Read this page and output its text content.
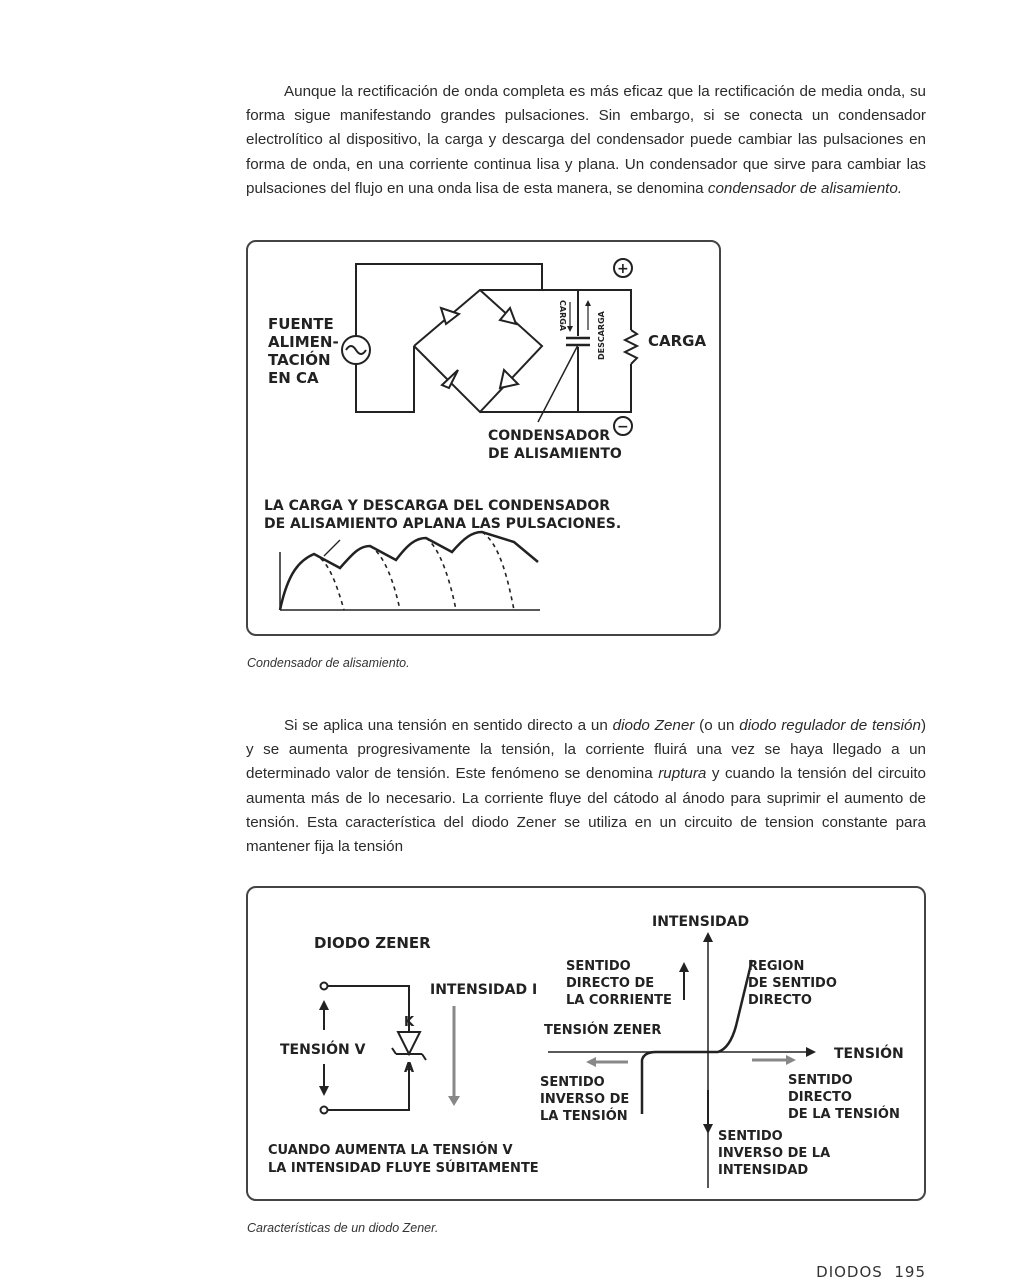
Aunque la rectificación de onda completa es más eficaz que la rectificación de media onda, su forma sigue manifestando grandes pulsaciones. Sin embargo, si se conecta un condensador electrolítico al dispositivo, la carga y descarga del condensador puede cambiar las pulsaciones en forma de onda, en una corriente continua lisa y plana. Un condensador que sirve para cambiar las pulsaciones del flujo en una onda lisa de esta manera, se denomina condensador de alisamiento.

FUENTE
ALIMEN-
TACIÓN
EN CA
CARGA
+
−
CARGA	DESCARGA
CONDENSADOR
DE ALISAMIENTO
LA CARGA Y DESCARGA DEL CONDENSADOR
DE ALISAMIENTO APLANA LAS PULSACIONES.
Condensador de alisamiento.

Si se aplica una tensión en sentido directo a un diodo Zener (o un diodo regulador de tensión) y se aumenta progresivamente la tensión, la corriente fluirá una vez se haya llegado a un determinado valor de tensión. Este fenómeno se denomina ruptura y cuando la tensión del circuito aumenta más de lo necesario. La corriente fluye del cátodo al ánodo para suprimir el aumento de tensión. Esta característica del diodo Zener se utiliza en un circuito de tension constante para mantener fija la tensión

DIODO ZENER
INTENSIDAD I
TENSIÓN V
K
A
CUANDO AUMENTA LA TENSIÓN V
LA INTENSIDAD FLUYE SÚBITAMENTE
INTENSIDAD
TENSIÓN
SENTIDO
DIRECTO DE
LA CORRIENTE
REGION
DE SENTIDO
DIRECTO
TENSIÓN ZENER
SENTIDO
INVERSO DE
LA TENSIÓN
SENTIDO
DIRECTO
DE LA TENSIÓN
SENTIDO
INVERSO DE LA
INTENSIDAD
Características de un diodo Zener.
DIODOS 195
